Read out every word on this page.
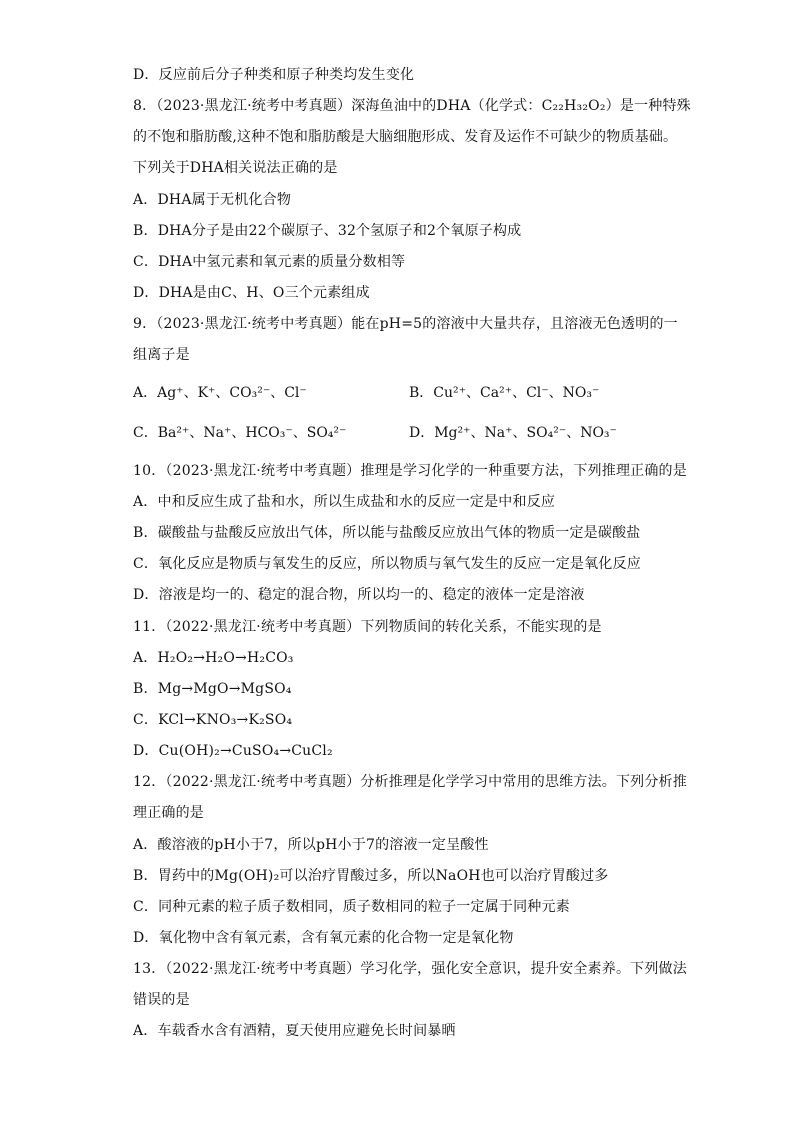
D．反应前后分子种类和原子种类均发生变化
8．（2023·黑龙江·统考中考真题）深海鱼油中的DHA（化学式：C₂₂H₃₂O₂）是一种特殊
的不饱和脂肪酸,这种不饱和脂肪酸是大脑细胞形成、发育及运作不可缺少的物质基础。
下列关于DHA相关说法正确的是
A．DHA属于无机化合物
B．DHA分子是由22个碳原子、32个氢原子和2个氧原子构成
C．DHA中氢元素和氧元素的质量分数相等
D．DHA是由C、H、O三个元素组成
9．（2023·黑龙江·统考中考真题）能在pH=5的溶液中大量共存，且溶液无色透明的一
组离子是
A．Ag⁺、K⁺、CO₃²⁻、Cl⁻	B．Cu²⁺、Ca²⁺、Cl⁻、NO₃⁻
C．Ba²⁺、Na⁺、HCO₃⁻、SO₄²⁻	D．Mg²⁺、Na⁺、SO₄²⁻、NO₃⁻
10．（2023·黑龙江·统考中考真题）推理是学习化学的一种重要方法，下列推理正确的是
A．中和反应生成了盐和水，所以生成盐和水的反应一定是中和反应
B．碳酸盐与盐酸反应放出气体，所以能与盐酸反应放出气体的物质一定是碳酸盐
C．氧化反应是物质与氧发生的反应，所以物质与氧气发生的反应一定是氧化反应
D．溶液是均一的、稳定的混合物，所以均一的、稳定的液体一定是溶液
11．（2022·黑龙江·统考中考真题）下列物质间的转化关系，不能实现的是
A．H₂O₂→H₂O→H₂CO₃
B．Mg→MgO→MgSO₄
C．KCl→KNO₃→K₂SO₄
D．Cu(OH)₂→CuSO₄→CuCl₂
12．（2022·黑龙江·统考中考真题）分析推理是化学学习中常用的思维方法。下列分析推
理正确的是
A．酸溶液的pH小于7，所以pH小于7的溶液一定呈酸性
B．胃药中的Mg(OH)₂可以治疗胃酸过多，所以NaOH也可以治疗胃酸过多
C．同种元素的粒子质子数相同，质子数相同的粒子一定属于同种元素
D．氧化物中含有氧元素，含有氧元素的化合物一定是氧化物
13．（2022·黑龙江·统考中考真题）学习化学，强化安全意识，提升安全素养。下列做法
错误的是
A．车载香水含有酒精，夏天使用应避免长时间暴晒
